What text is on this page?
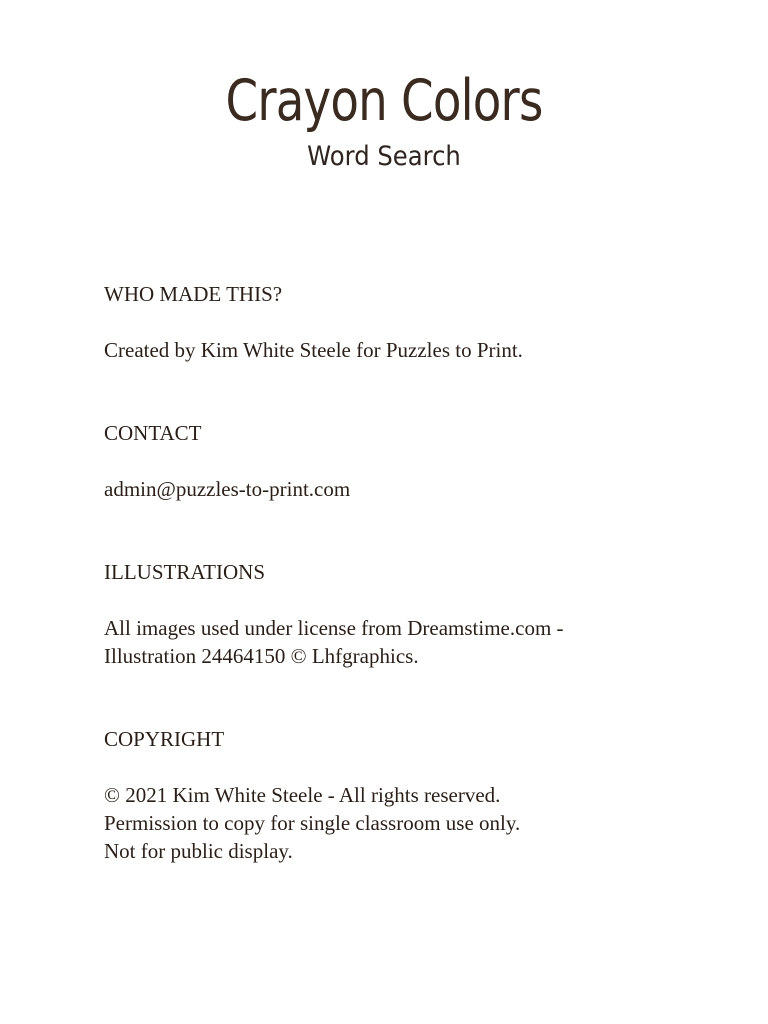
Crayon Colors
Word Search
WHO MADE THIS?
Created by Kim White Steele for Puzzles to Print.
CONTACT
admin@puzzles-to-print.com
ILLUSTRATIONS
All images used under license from Dreamstime.com -
Illustration 24464150 © Lhfgraphics.
COPYRIGHT
© 2021 Kim White Steele - All rights reserved.
Permission to copy for single classroom use only.
Not for public display.
